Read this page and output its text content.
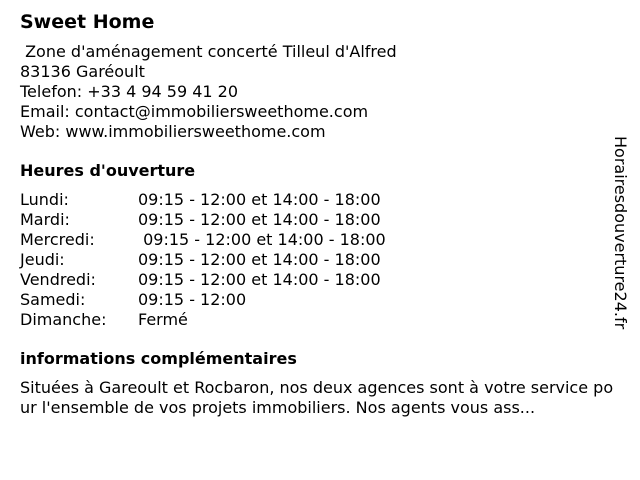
Sweet Home
Zone d'aménagement concerté Tilleul d'Alfred
83136 Garéoult
Telefon: +33 4 94 59 41 20
Email: contact@immobiliersweethome.com
Web: www.immobiliersweethome.com
Heures d'ouverture
Lundi:	09:15 - 12:00 et 14:00 - 18:00
Mardi:	09:15 - 12:00 et 14:00 - 18:00
Mercredi:	09:15 - 12:00 et 14:00 - 18:00
Jeudi:	09:15 - 12:00 et 14:00 - 18:00
Vendredi:	09:15 - 12:00 et 14:00 - 18:00
Samedi:	09:15 - 12:00
Dimanche:	Fermé
informations complémentaires
Situées à Gareoult et Rocbaron, nos deux agences sont à votre service pour l'ensemble de vos projets immobiliers. Nos agents vous ass...
Horairesdouverture24.fr
